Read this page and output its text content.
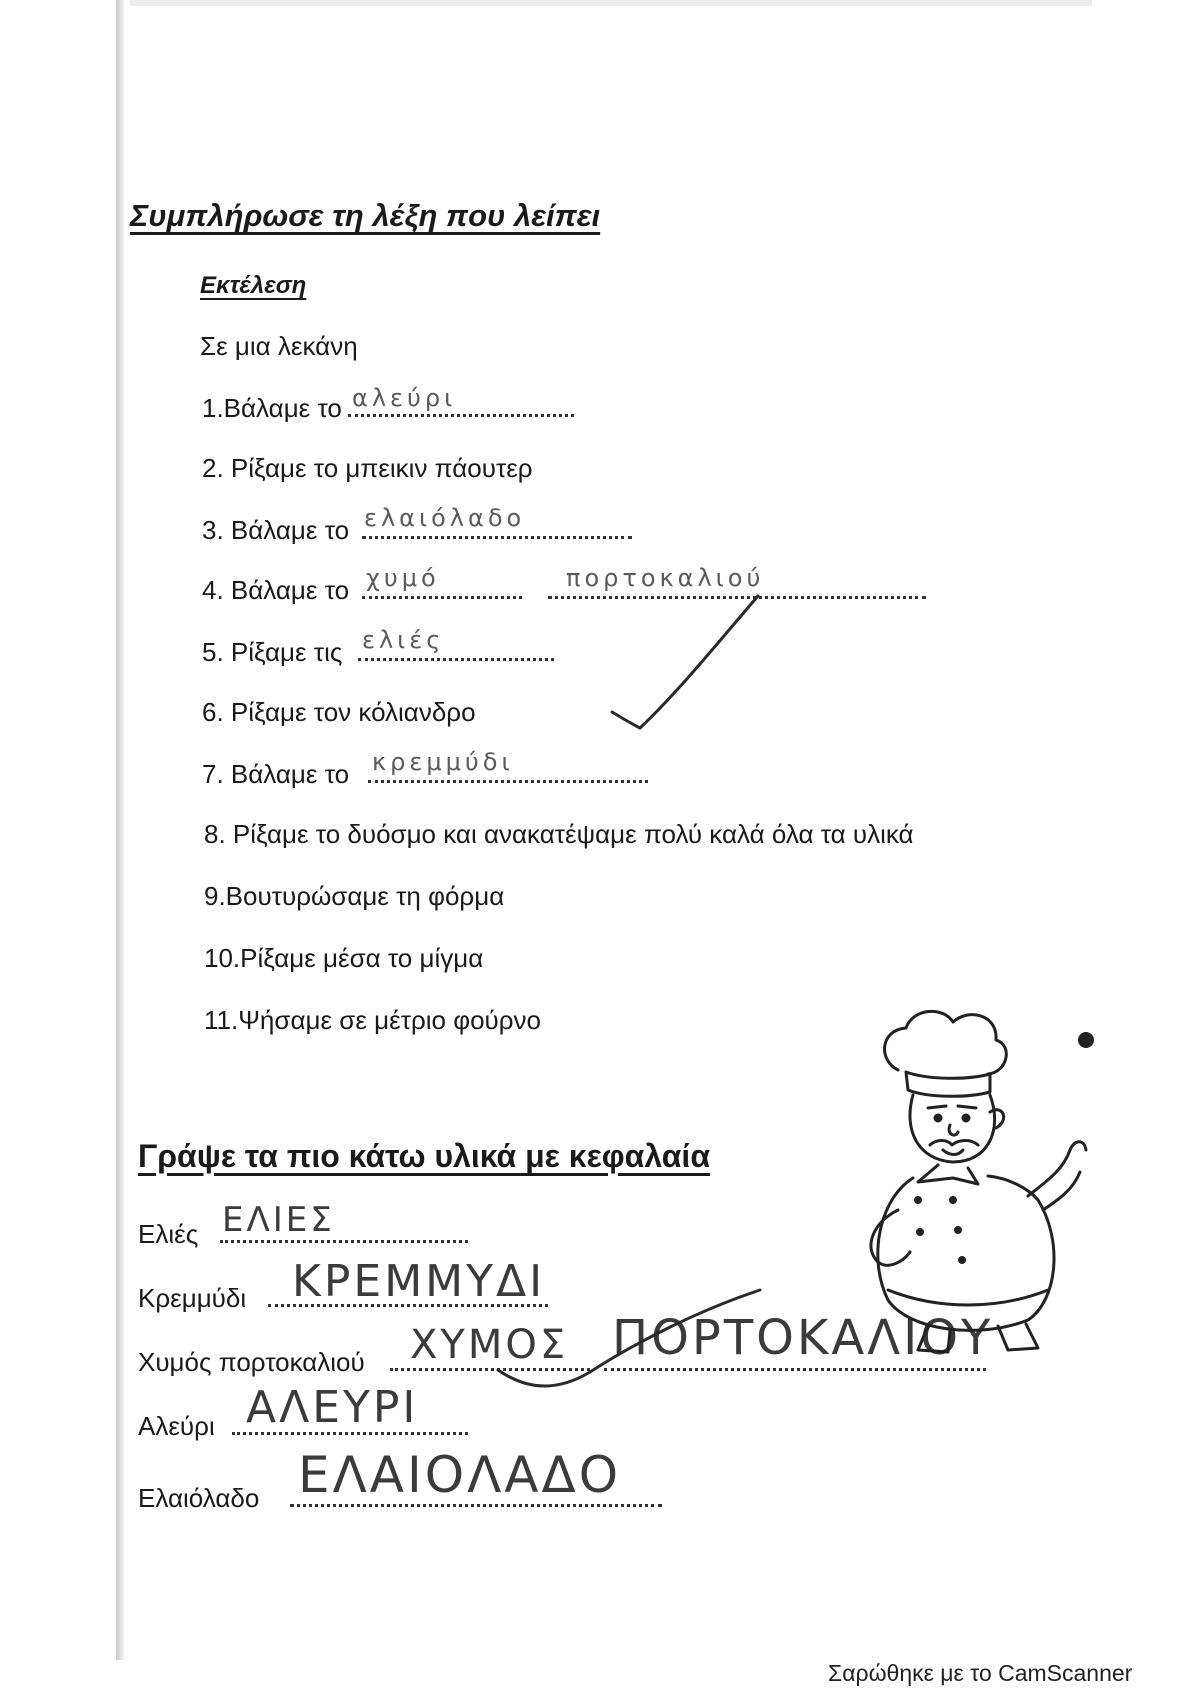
Συμπλήρωσε τη λέξη που λείπει
Εκτέλεση
Σε μια λεκάνη
1.Βάλαμε το αλεύρι
2. Ρίξαμε το μπεικιν πάουτερ
3. Βάλαμε το ελαιόλαδο
4. Βάλαμε το χυμό	πορτοκαλιού
5. Ρίξαμε τις ελιές
6. Ρίξαμε τον κόλιανδρο
7. Βάλαμε το κρεμμύδι
8. Ρίξαμε το δυόσμο και ανακατέψαμε πολύ καλά όλα τα υλικά
9.Βουτυρώσαμε τη φόρμα
10.Ρίξαμε μέσα το μίγμα
11.Ψήσαμε σε μέτριο φούρνο
Γράψε τα πιο κάτω υλικά με κεφαλαία
Ελιές ΕΛΙΕΣ
Κρεμμύδι ΚΡΕΜΜΥΔΙ
Χυμός πορτοκαλιού ΧΥΜΟΣ ΠΟΡΤΟΚΑΛΙΟΥ
Αλεύρι ΑΛΕΥΡΙ
Ελαιόλαδο ΕΛΑΙΟΛΑΔΟ
Σαρώθηκε με το CamScanner
